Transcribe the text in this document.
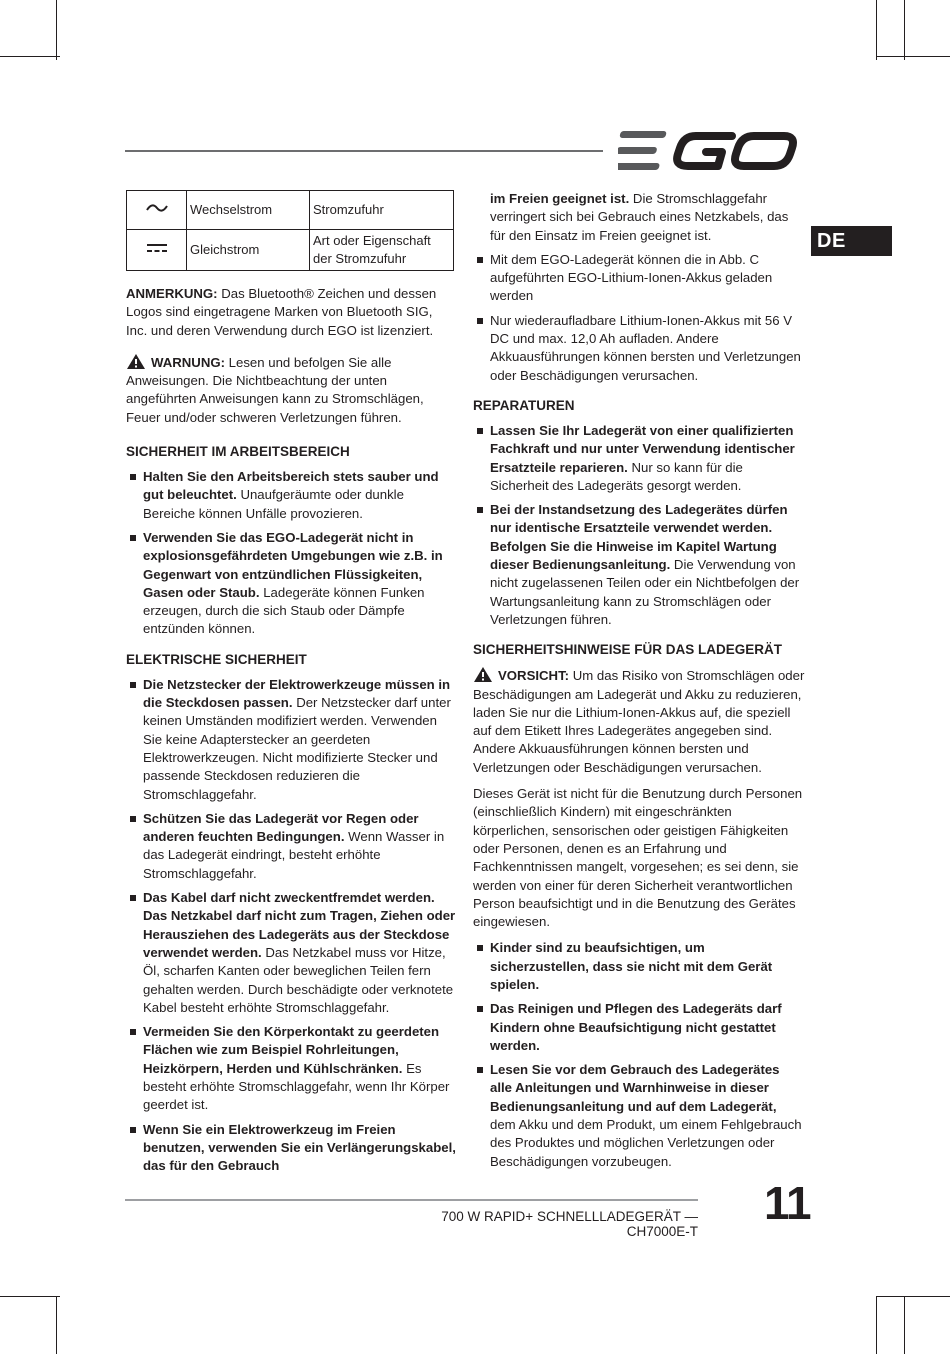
DE
	Wechselstrom	Stromzufuhr
	Gleichstrom	Art oder Eigenschaft der Stromzufuhr

ANMERKUNG: Das Bluetooth® Zeichen und dessen Logos sind eingetragene Marken von Bluetooth SIG, Inc. und deren Verwendung durch EGO ist lizenziert.

WARNUNG: Lesen und befolgen Sie alle Anweisungen. Die Nichtbeachtung der unten angeführten Anweisungen kann zu Stromschlägen, Feuer und/oder schweren Verletzungen führen.

SICHERHEIT IM ARBEITSBEREICH
Halten Sie den Arbeitsbereich stets sauber und gut beleuchtet. Unaufgeräumte oder dunkle Bereiche können Unfälle provozieren.
Verwenden Sie das EGO-Ladegerät nicht in explosionsgefährdeten Umgebungen wie z.B. in Gegenwart von entzündlichen Flüssigkeiten, Gasen oder Staub. Ladegeräte können Funken erzeugen, durch die sich Staub oder Dämpfe entzünden können.
ELEKTRISCHE SICHERHEIT
Die Netzstecker der Elektrowerkzeuge müssen in die Steckdosen passen. Der Netzstecker darf unter keinen Umständen modifiziert werden. Verwenden Sie keine Adapterstecker an geerdeten Elektrowerkzeugen. Nicht modifizierte Stecker und passende Steckdosen reduzieren die Stromschlaggefahr.
Schützen Sie das Ladegerät vor Regen oder anderen feuchten Bedingungen. Wenn Wasser in das Ladegerät eindringt, besteht erhöhte Stromschlaggefahr.
Das Kabel darf nicht zweckentfremdet werden. Das Netzkabel darf nicht zum Tragen, Ziehen oder Herausziehen des Ladegeräts aus der Steckdose verwendet werden. Das Netzkabel muss vor Hitze, Öl, scharfen Kanten oder beweglichen Teilen fern gehalten werden. Durch beschädigte oder verknotete Kabel besteht erhöhte Stromschlaggefahr.
Vermeiden Sie den Körperkontakt zu geerdeten Flächen wie zum Beispiel Rohrleitungen, Heizkörpern, Herden und Kühlschränken. Es besteht erhöhte Stromschlaggefahr, wenn Ihr Körper geerdet ist.
Wenn Sie ein Elektrowerkzeug im Freien benutzen, verwenden Sie ein Verlängerungskabel, das für den Gebrauch
im Freien geeignet ist. Die Stromschlaggefahr verringert sich bei Gebrauch eines Netzkabels, das für den Einsatz im Freien geeignet ist.
Mit dem EGO-Ladegerät können die in Abb. C aufgeführten EGO-Lithium-Ionen-Akkus geladen werden
Nur wiederaufladbare Lithium-Ionen-Akkus mit 56 V DC und max. 12,0 Ah aufladen. Andere Akkuausführungen können bersten und Verletzungen oder Beschädigungen verursachen.
REPARATUREN
Lassen Sie Ihr Ladegerät von einer qualifizierten Fachkraft und nur unter Verwendung identischer Ersatzteile reparieren. Nur so kann für die Sicherheit des Ladegeräts gesorgt werden.
Bei der Instandsetzung des Ladegerätes dürfen nur identische Ersatzteile verwendet werden. Befolgen Sie die Hinweise im Kapitel Wartung dieser Bedienungsanleitung. Die Verwendung von nicht zugelassenen Teilen oder ein Nichtbefolgen der Wartungsanleitung kann zu Stromschlägen oder Verletzungen führen.
SICHERHEITSHINWEISE FÜR DAS LADEGERÄT

VORSICHT: Um das Risiko von Stromschlägen oder Beschädigungen am Ladegerät und Akku zu reduzieren, laden Sie nur die Lithium-Ionen-Akkus auf, die speziell auf dem Etikett Ihres Ladegerätes angegeben sind. Andere Akkuausführungen können bersten und Verletzungen oder Beschädigungen verursachen.

Dieses Gerät ist nicht für die Benutzung durch Personen (einschließlich Kindern) mit eingeschränkten körperlichen, sensorischen oder geistigen Fähigkeiten oder Personen, denen es an Erfahrung und Fachkenntnissen mangelt, vorgesehen; es sei denn, sie werden von einer für deren Sicherheit verantwortlichen Person beaufsichtigt und in die Benutzung des Gerätes eingewiesen.

Kinder sind zu beaufsichtigen, um sicherzustellen, dass sie nicht mit dem Gerät spielen.
Das Reinigen und Pflegen des Ladegeräts darf Kindern ohne Beaufsichtigung nicht gestattet werden.
Lesen Sie vor dem Gebrauch des Ladegerätes alle Anleitungen und Warnhinweise in dieser Bedienungsanleitung und auf dem Ladegerät, dem Akku und dem Produkt, um einem Fehlgebrauch des Produktes und möglichen Verletzungen oder Beschädigungen vorzubeugen.
700 W RAPID+ SCHNELLLADEGERÄT — CH7000E-T
11
